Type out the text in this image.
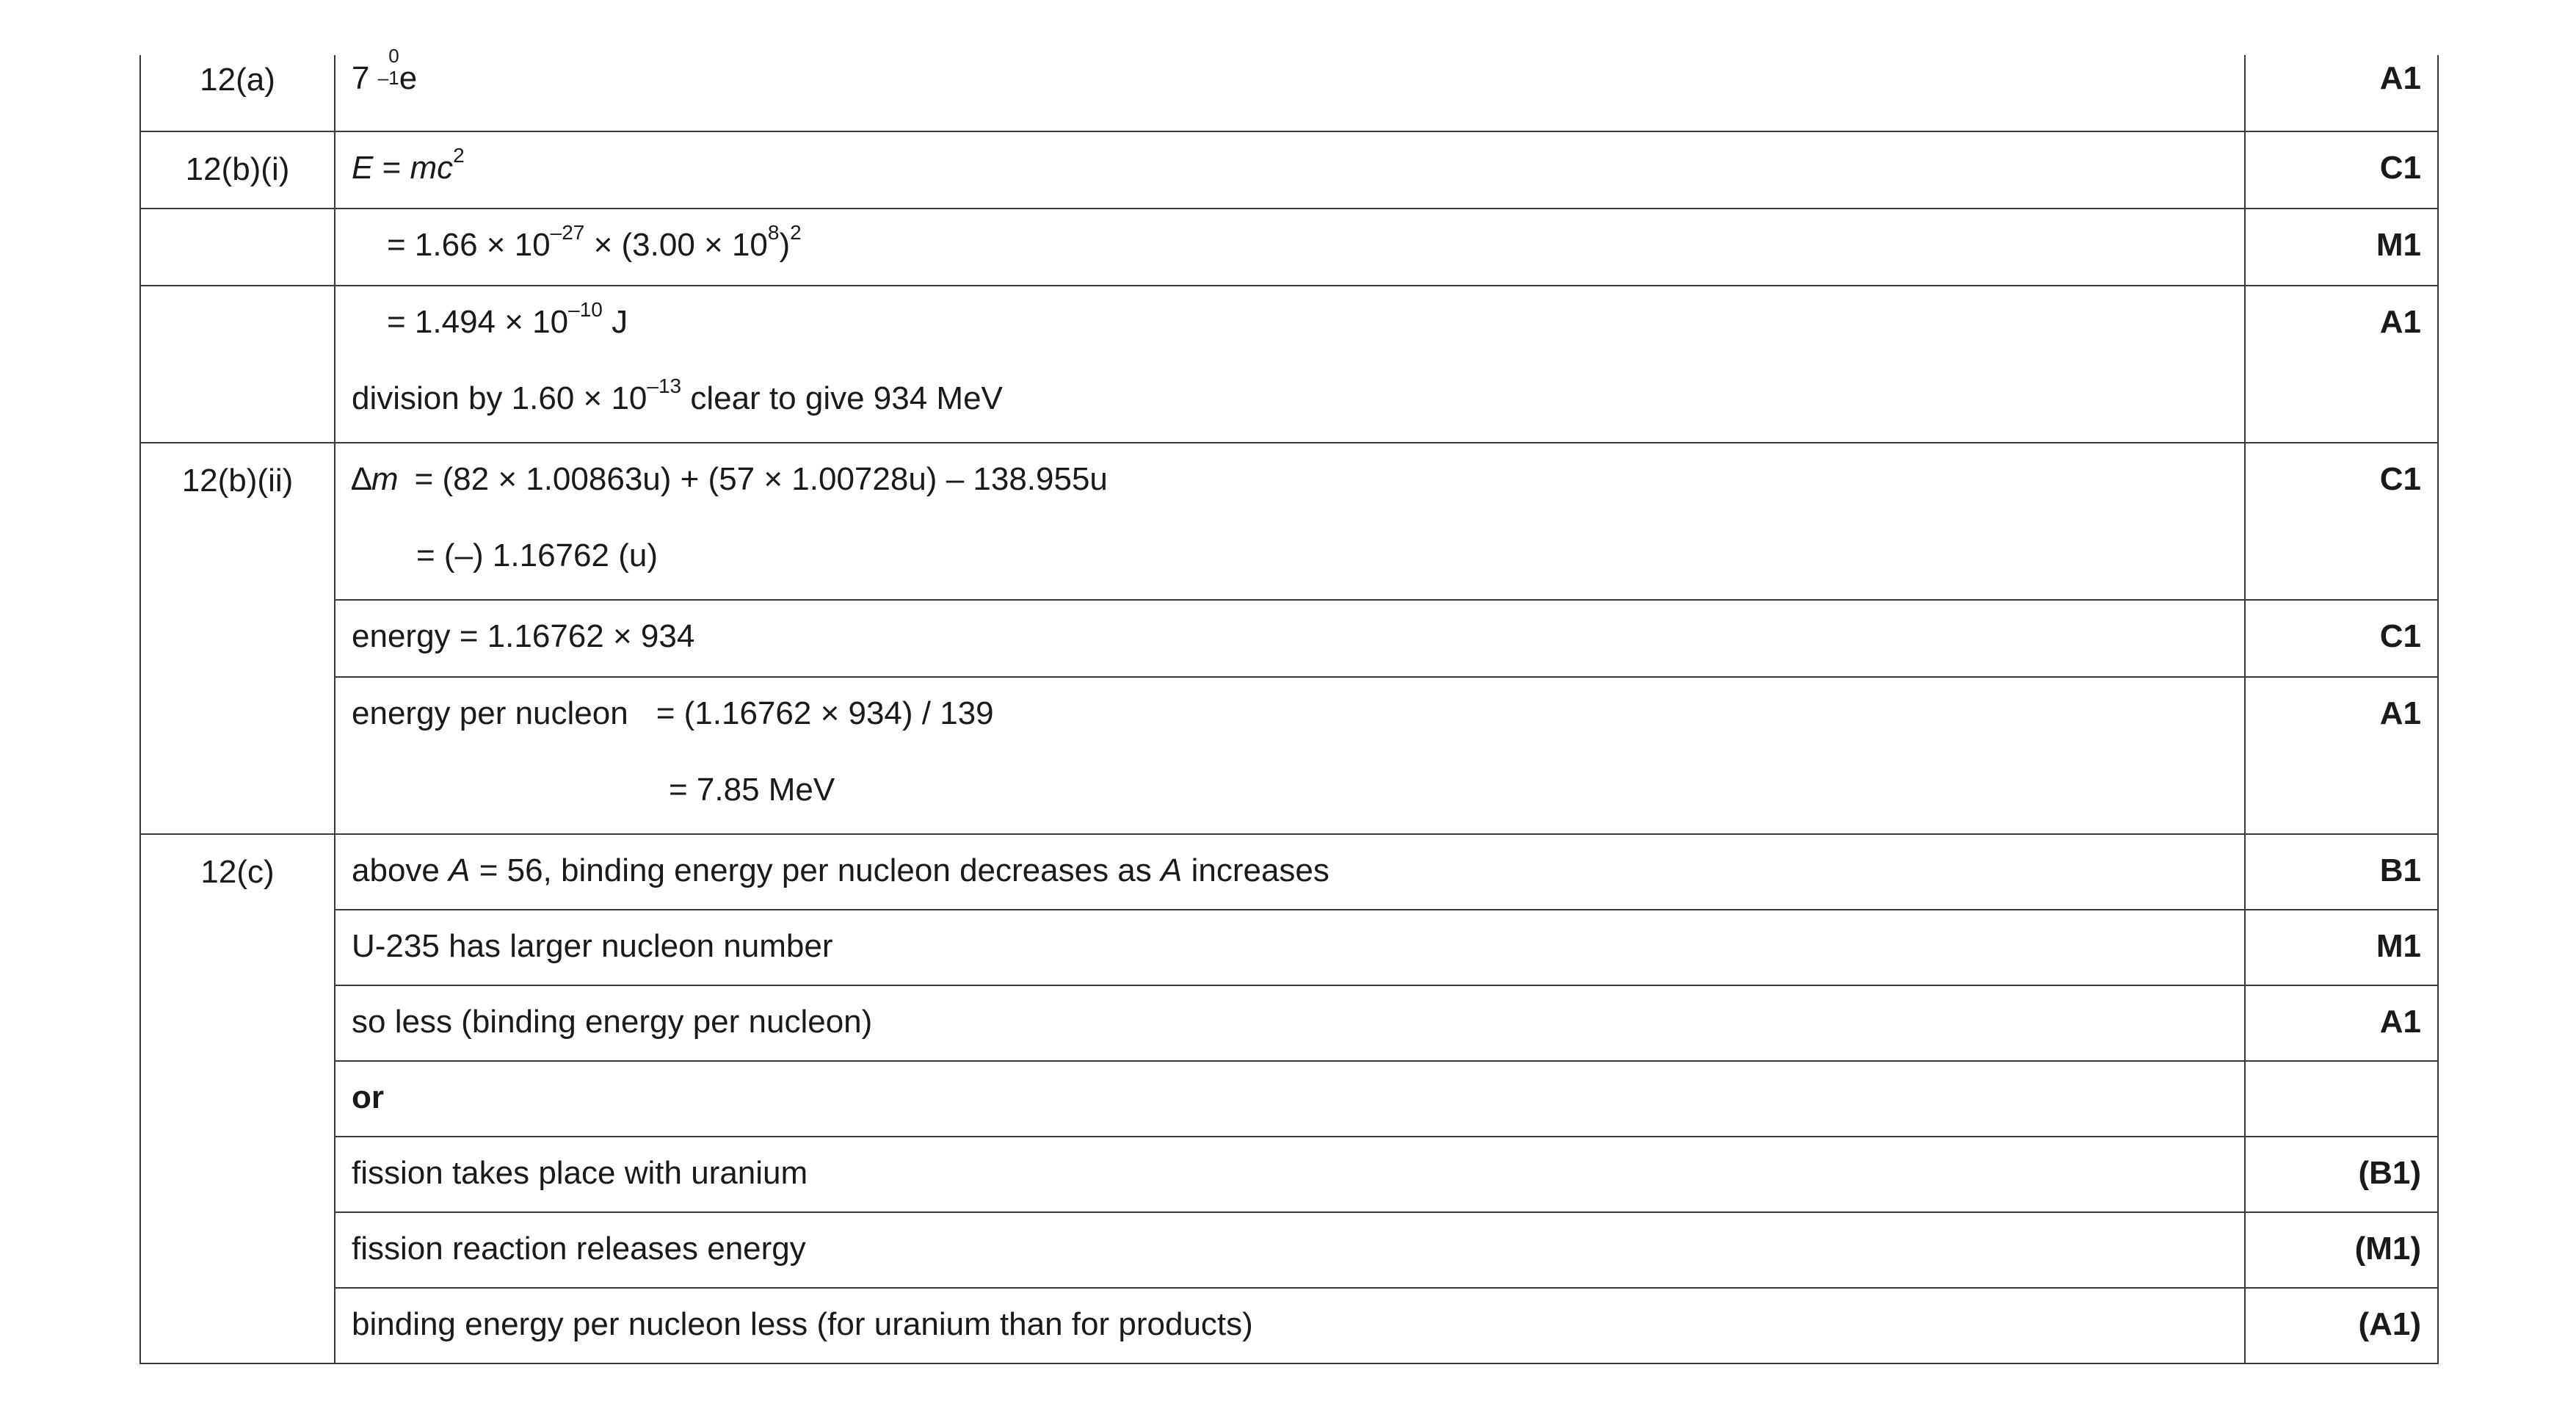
12(a)	7
0
–1 e	A1

12(b)(i)	$E = mc^2$	C1

	= $1.66 \times 10^{-27} \times (3.00 \times 10^8)^2$	M1

	= $1.494 \times 10^{-10}$ J
division by $1.60 \times 10^{-13}$ clear to give 934 MeV	A1

12(b)(ii)	∆m = (82 × 1.00863u) + (57 × 1.00728u) – 138.955u
= (–) 1.16762 (u)	C1

	energy = 1.16762 × 934	C1

	energy per nucleon = (1.16762 × 934) / 139
= 7.85 MeV	A1

12(c)	above A = 56, binding energy per nucleon decreases as A increases	B1

	U-235 has larger nucleon number	M1

	so less (binding energy per nucleon)	A1

	or	

	fission takes place with uranium	(B1)

	fission reaction releases energy	(M1)

	binding energy per nucleon less (for uranium than for products)	(A1)
